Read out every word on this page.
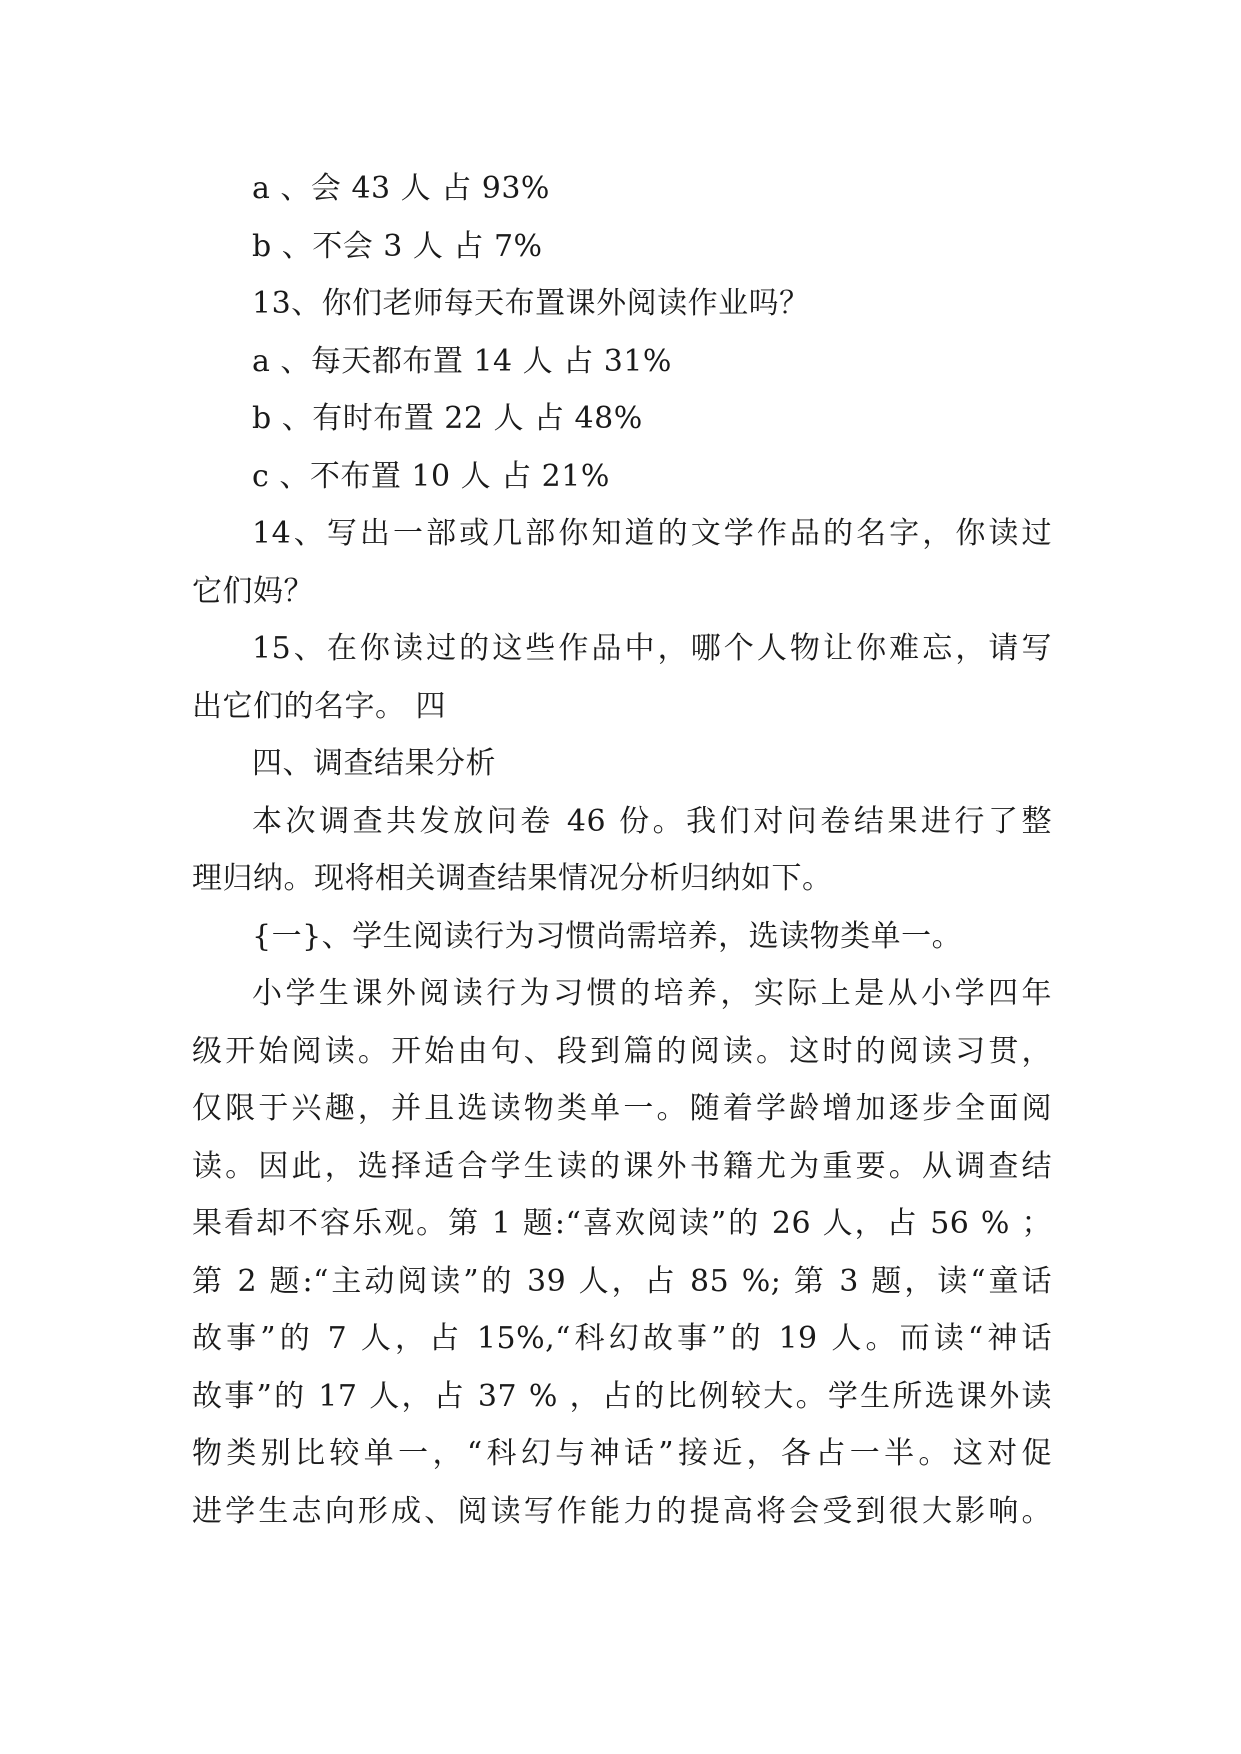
a 、会 43 人 占 93%
b 、不会 3 人 占 7%
13、你们老师每天布置课外阅读作业吗？
a 、每天都布置 14 人 占 31%
b 、有时布置 22 人 占 48%
c 、不布置 10 人 占 21%
14、写出一部或几部你知道的文学作品的名字，你读过
它们妈？
15、在你读过的这些作品中，哪个人物让你难忘，请写
出它们的名字。 四
四、调查结果分析
本次调查共发放问卷 46 份。我们对问卷结果进行了整
理归纳。现将相关调查结果情况分析归纳如下。
{一}、学生阅读行为习惯尚需培养，选读物类单一。
小学生课外阅读行为习惯的培养，实际上是从小学四年
级开始阅读。开始由句、段到篇的阅读。这时的阅读习贯，
仅限于兴趣，并且选读物类单一。随着学龄增加逐步全面阅
读。因此，选择适合学生读的课外书籍尤为重要。从调查结
果看却不容乐观。第 1 题:“喜欢阅读”的 26 人，占 56 % ；
第 2 题:“主动阅读”的 39 人，占 85 %; 第 3 题，读“童话
故事”的 7 人，占 15%,“科幻故事”的 19 人。而读“神话
故事”的 17 人，占 37 % ，占的比例较大。学生所选课外读
物类别比较单一，“科幻与神话”接近，各占一半。这对促
进学生志向形成、阅读写作能力的提高将会受到很大影响。
